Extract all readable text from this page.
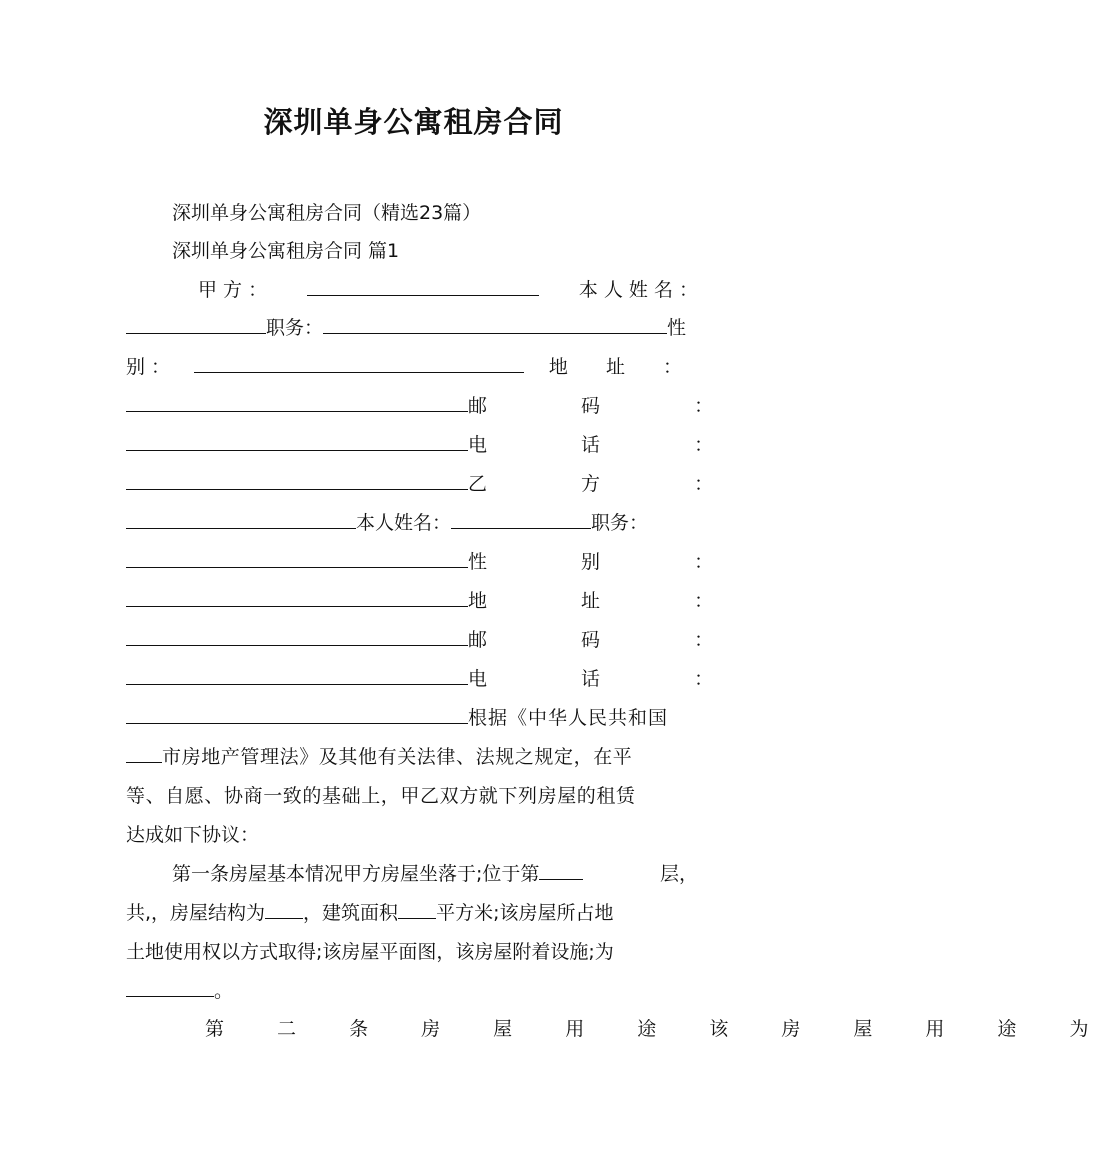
深圳单身公寓租房合同
深圳单身公寓租房合同（精选23篇）
深圳单身公寓租房合同 篇1
甲 方 ：	本 人 姓 名 ：
职务：	性
别 ：	地 址 ：
邮 码 ：
电 话 ：
乙 方 ：
本人姓名：	职务：
性 别 ：
地 址 ：
邮 码 ：
电 话 ：
根据《中华人民共和国
市房地产管理法》及其他有关法律、法规之规定，在平
等、自愿、协商一致的基础上，甲乙双方就下列房屋的租赁
达成如下协议：
第一条房屋基本情况甲方房屋坐落于;位于第	层，
共,，房屋结构为 ，建筑面积 平方米;该房屋所占地
土地使用权以方式取得;该房屋平面图，该房屋附着设施;为
。
第 二 条 房 屋 用 途 该 房 屋 用 途 为
